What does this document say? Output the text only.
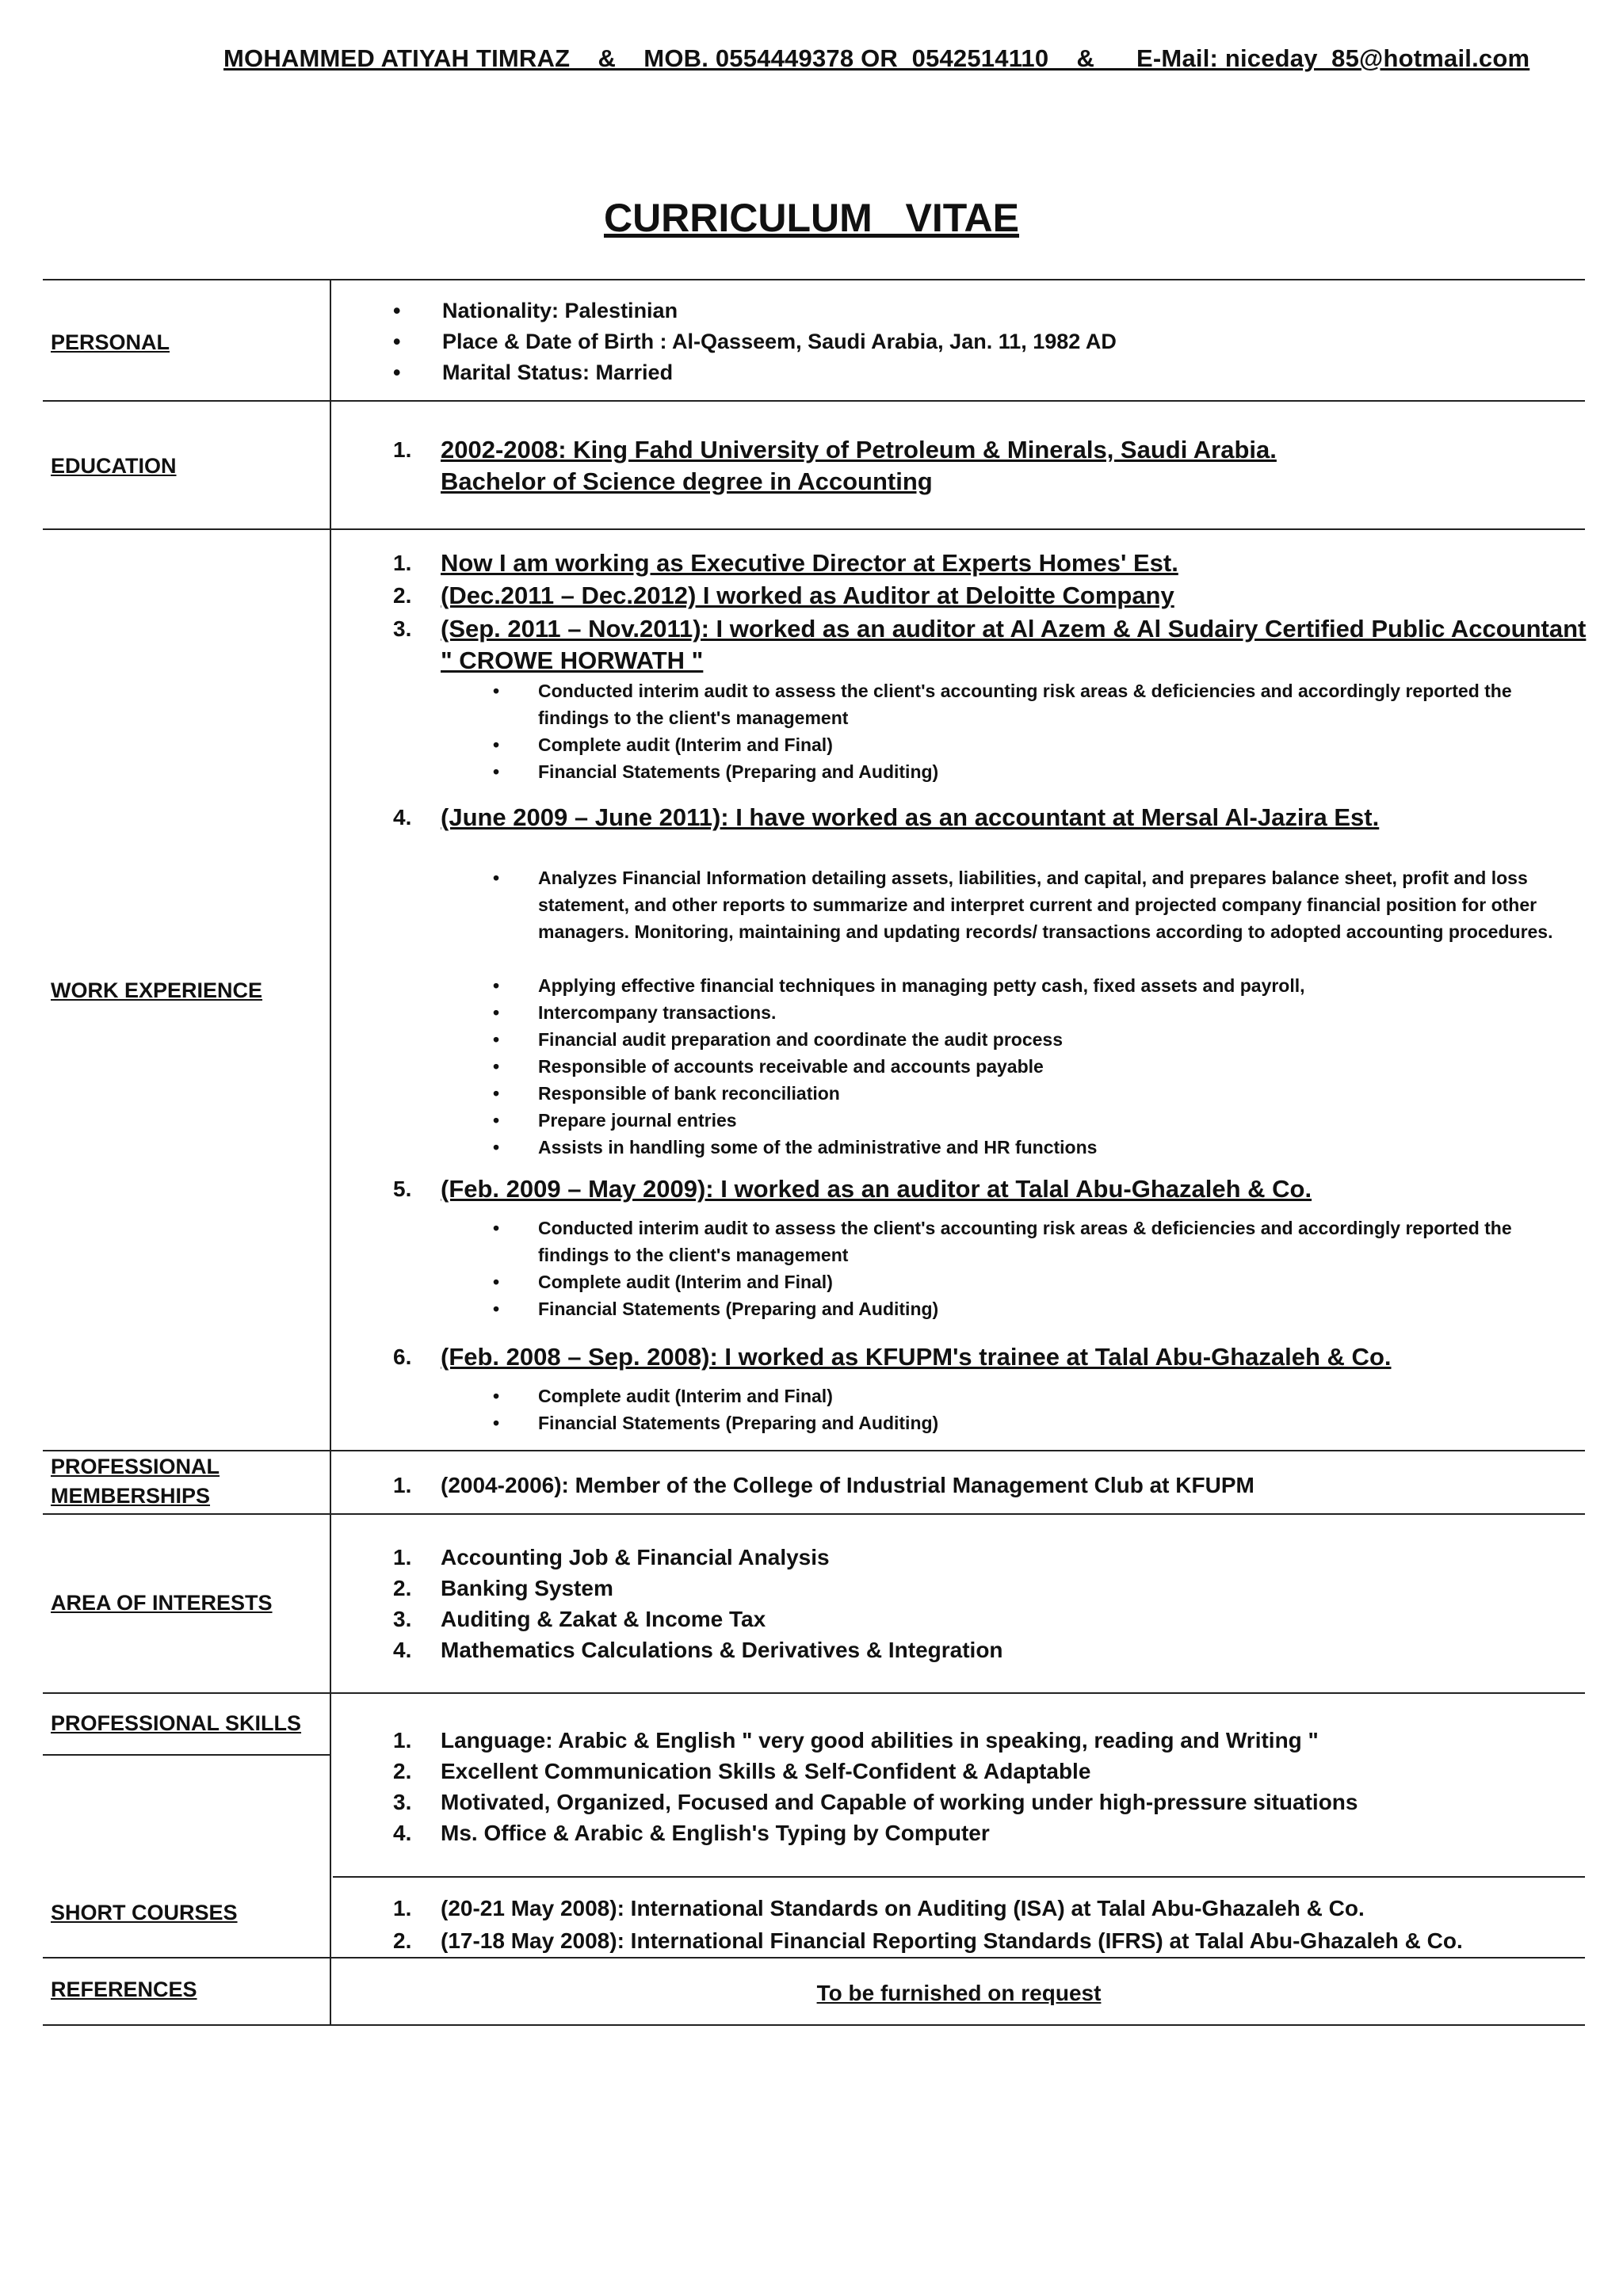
MOHAMMED ATIYAH TIMRAZ    &    MOB. 0554449378 OR  0542514110    &      E-Mail: niceday_85@hotmail.com
CURRICULUM   VITAE
PERSONAL
• Nationality: Palestinian
• Place & Date of Birth : Al-Qasseem, Saudi Arabia, Jan. 11, 1982 AD
• Marital Status: Married
EDUCATION
1. 2002-2008: King Fahd University of Petroleum & Minerals, Saudi Arabia.
Bachelor of Science degree in Accounting
WORK EXPERIENCE
1. Now I am working as Executive Director at Experts Homes' Est.
2. (Dec.2011 – Dec.2012) I worked as Auditor at Deloitte Company
3. (Sep. 2011 – Nov.2011): I worked as an auditor at Al Azem & Al Sudairy Certified Public Accountant
" CROWE HORWATH "
• Conducted interim audit to assess the client's accounting risk areas & deficiencies and accordingly reported the findings to the client's management
• Complete audit (Interim and Final)
• Financial Statements (Preparing and Auditing)
4. (June 2009 – June 2011): I have worked as an accountant at Mersal Al-Jazira Est.
• Analyzes Financial Information detailing assets, liabilities, and capital, and prepares balance sheet, profit and loss statement, and other reports to summarize and interpret current and projected company financial position for other managers. Monitoring, maintaining and updating records/ transactions according to adopted accounting procedures.
• Applying effective financial techniques in managing petty cash, fixed assets and payroll,
• Intercompany transactions.
• Financial audit preparation and coordinate the audit process
• Responsible of accounts receivable and accounts payable
• Responsible of bank reconciliation
• Prepare journal entries
• Assists in handling some of the administrative and HR functions
5. (Feb. 2009 – May 2009): I worked as an auditor at Talal Abu-Ghazaleh & Co.
• Conducted interim audit to assess the client's accounting risk areas & deficiencies and accordingly reported the findings to the client's management
• Complete audit (Interim and Final)
• Financial Statements (Preparing and Auditing)
6. (Feb. 2008 – Sep. 2008): I worked as KFUPM's trainee at Talal Abu-Ghazaleh & Co.
• Complete audit (Interim and Final)
• Financial Statements (Preparing and Auditing)
PROFESSIONAL
MEMBERSHIPS	1. (2004-2006): Member of the College of Industrial Management Club at KFUPM
AREA OF INTERESTS
1. Accounting Job & Financial Analysis
2. Banking System
3. Auditing & Zakat & Income Tax
4. Mathematics Calculations & Derivatives & Integration
PROFESSIONAL SKILLS
1. Language: Arabic & English " very good abilities in speaking, reading and Writing "
2. Excellent Communication Skills & Self-Confident & Adaptable
3. Motivated, Organized, Focused and Capable of working under high-pressure situations
4. Ms. Office & Arabic & English's Typing by Computer
SHORT COURSES	1. (20-21 May 2008): International Standards on Auditing (ISA) at Talal Abu-Ghazaleh & Co.
2. (17-18 May 2008): International Financial Reporting Standards (IFRS) at Talal Abu-Ghazaleh & Co.
REFERENCES	To be furnished on request
